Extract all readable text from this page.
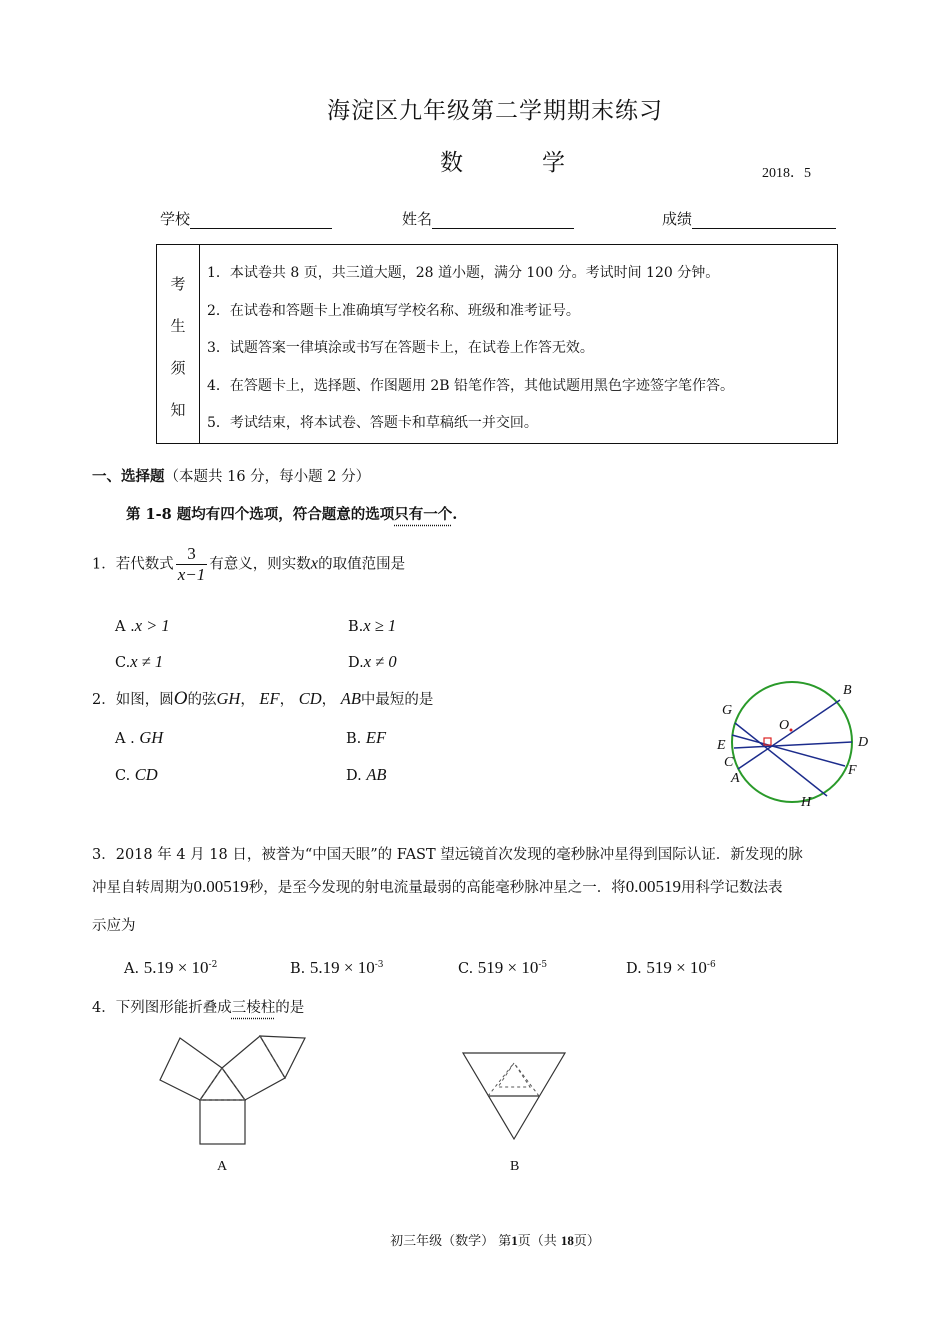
海淀区九年级第二学期期末练习
数	学	2018．5
学校	姓名	成绩
考
生
须
知
1．本试卷共 8 页，共三道大题，28 道小题，满分 100 分。考试时间 120 分钟。
2．在试卷和答题卡上准确填写学校名称、班级和准考证号。
3．试题答案一律填涂或书写在答题卡上，在试卷上作答无效。
4．在答题卡上，选择题、作图题用 2B 铅笔作答，其他试题用黑色字迹签字笔作答。
5．考试结束，将本试卷、答题卡和草稿纸一并交回。
一、选择题（本题共 16 分，每小题 2 分）
第 1-8 题均有四个选项，符合题意的选项只有一个.
1．若代数式 $\frac{3}{x-1}$ 有意义，则实数x的取值范围是
A .x > 1	B.x ≥ 1
C.x ≠ 1	D.x ≠ 0
2．如图，圆O的弦GH， EF， CD， AB中最短的是
A . GH	B. EF
C. CD	D. AB
B
G
O
E	D
C
F
A
H
3．2018 年 4 月 18 日，被誉为“中国天眼”的 FAST 望远镜首次发现的毫秒脉冲星得到国际认证．新发现的脉
冲星自转周期为0.00519秒，是至今发现的射电流量最弱的高能毫秒脉冲星之一．将0.00519用科学记数法表
示应为
A. $5.19 \times 10^{-2}$	B. $5.19 \times 10^{-3}$	C. $519 \times 10^{-5}$	D. $519 \times 10^{-6}$
4．下列图形能折叠成三棱柱的是
A	B
初三年级（数学） 第1页（共 18页）
